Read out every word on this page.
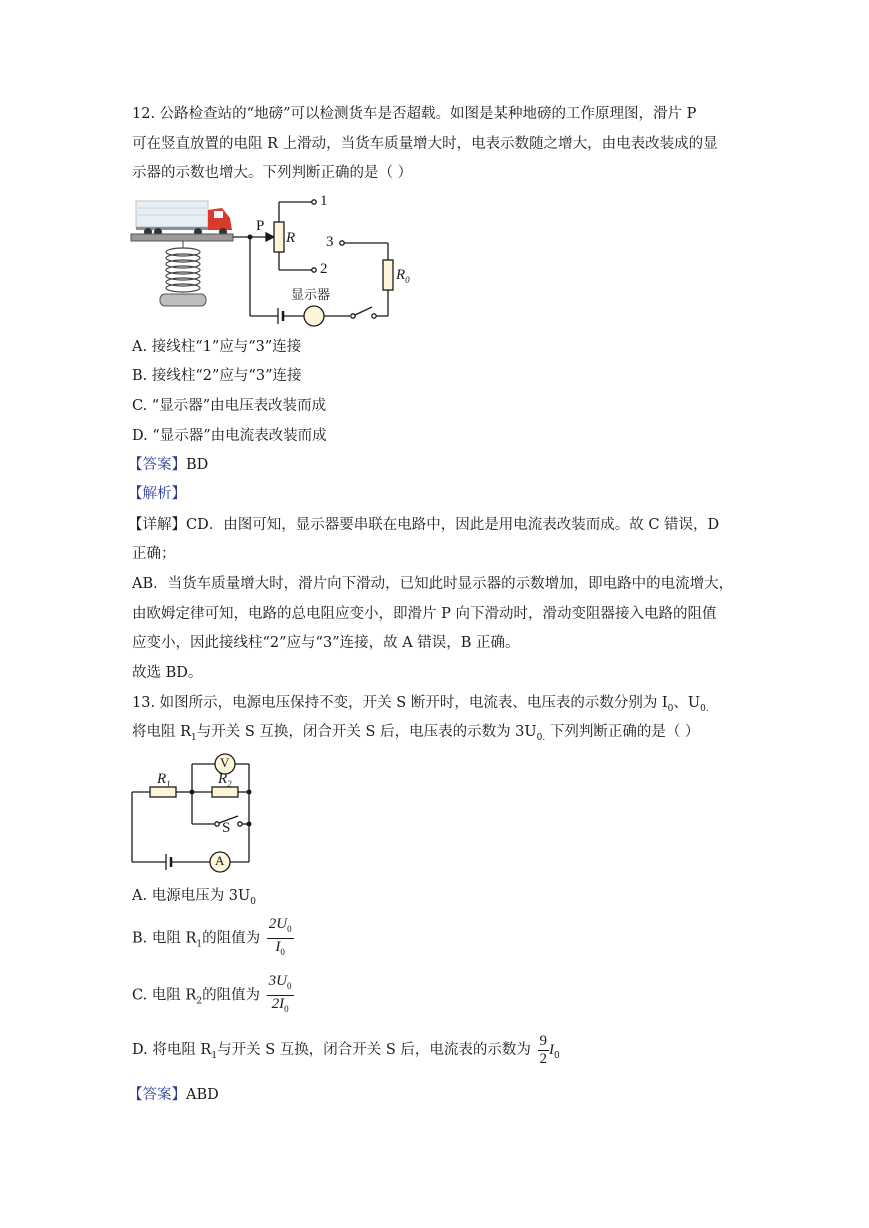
12. 公路检查站的“地磅”可以检测货车是否超载。如图是某种地磅的工作原理图，滑片 P
可在竖直放置的电阻 R 上滑动，当货车质量增大时，电表示数随之增大，由电表改装成的显
示器的示数也增大。下列判断正确的是（ ）
P
R
1
2
3
$R_0$
显示器
A. 接线柱“1”应与“3”连接
B. 接线柱“2”应与“3”连接
C. “显示器”由电压表改装而成
D. “显示器”由电流表改装而成
【答案】BD
【解析】
【详解】CD．由图可知，显示器要串联在电路中，因此是用电流表改装而成。故 C 错误，D
正确；
AB．当货车质量增大时，滑片向下滑动，已知此时显示器的示数增加，即电路中的电流增大，
由欧姆定律可知，电路的总电阻应变小，即滑片 P 向下滑动时，滑动变阻器接入电路的阻值
应变小，因此接线柱“2”应与“3”连接，故 A 错误，B 正确。
故选 BD。
13. 如图所示，电源电压保持不变，开关 S 断开时，电流表、电压表的示数分别为 $I_0$、$U_{0.}$
将电阻 $R_1$与开关 S 互换，闭合开关 S 后，电压表的示数为 $3U_{0.}$ 下列判断正确的是（ ）
$R_1$	$R_2$
V
A
S
A. 电源电压为 $3U_0$
B. 电阻 $R_1$的阻值为 $\frac{2U_0}{I_0}$
C. 电阻 $R_2$的阻值为 $\frac{3U_0}{2I_0}$
D. 将电阻 $R_1$与开关 S 互换，闭合开关 S 后，电流表的示数为 $\frac{9}{2} I_0$
【答案】ABD
